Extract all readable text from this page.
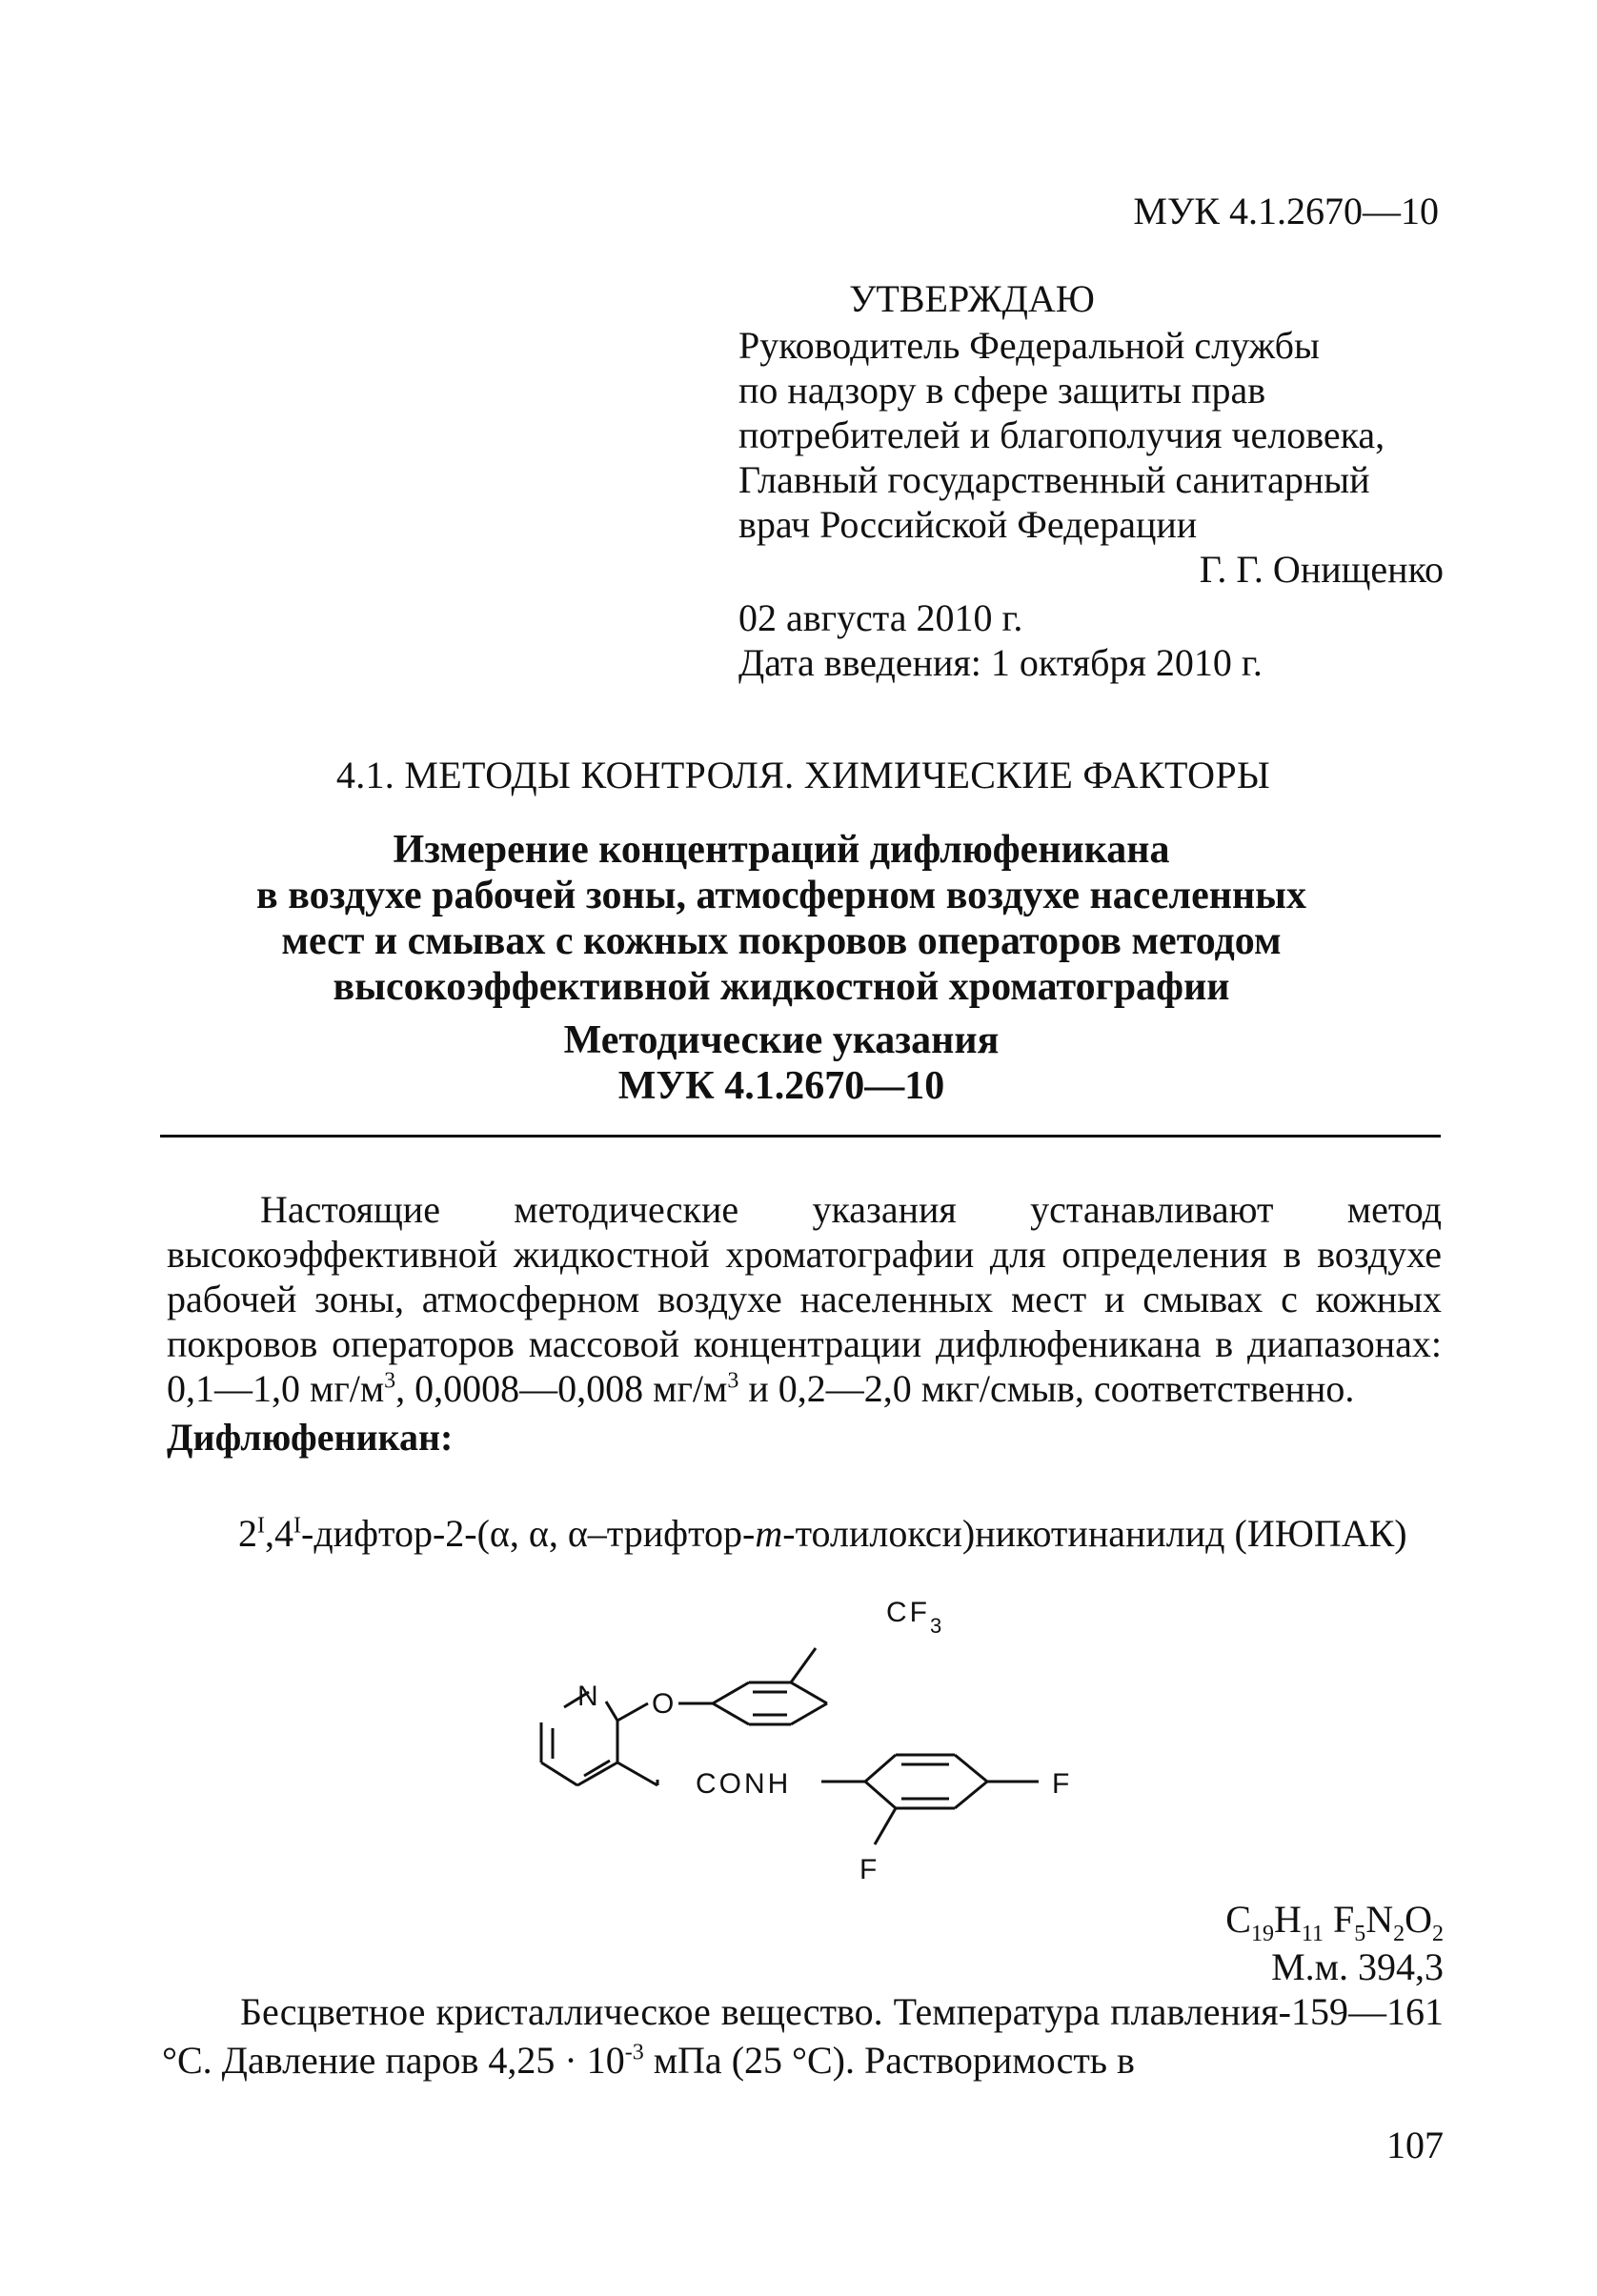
МУК 4.1.2670—10
УТВЕРЖДАЮ
Руководитель Федеральной службы
по надзору в сфере защиты прав
потребителей и благополучия человека,
Главный государственный санитарный
врач Российской Федерации
Г. Г. Онищенко
02 августа 2010 г.
Дата введения: 1 октября 2010 г.
4.1. МЕТОДЫ КОНТРОЛЯ. ХИМИЧЕСКИЕ ФАКТОРЫ
Измерение концентраций дифлюфеникана
в воздухе рабочей зоны, атмосферном воздухе населенных
мест и смывах с кожных покровов операторов методом
высокоэффективной жидкостной хроматографии
Методические указания
МУК 4.1.2670—10

Настоящие методические указания устанавливают метод высокоэффективной жидкостной хроматографии для определения в воздухе рабочей зоны, атмосферном воздухе населенных мест и смывах с кожных покровов операторов массовой концентрации дифлюфеникана в диапазонах: 0,1—1,0 $мг/м^3$, 0,0008—0,008 $мг/м^3$ и 0,2—2,0 мкг/смыв, соответственно.

Дифлюфеникан:
$2^I,4^I-дифтор-2-(\alpha$, α, α–трифтор-m-толилокси)никотинанилид (ИЮПАК)
$CF_3$
N O
CONH	F
F
$C_{19}H_{11}$ $F_5N_2O_2$
М.м. 394,3

Бесцветное кристаллическое вещество. Температура плавления-159—161 °С. Давление паров $4,25 \cdot 10^{-3}$ мПа (25 °С). Растворимость в

107
